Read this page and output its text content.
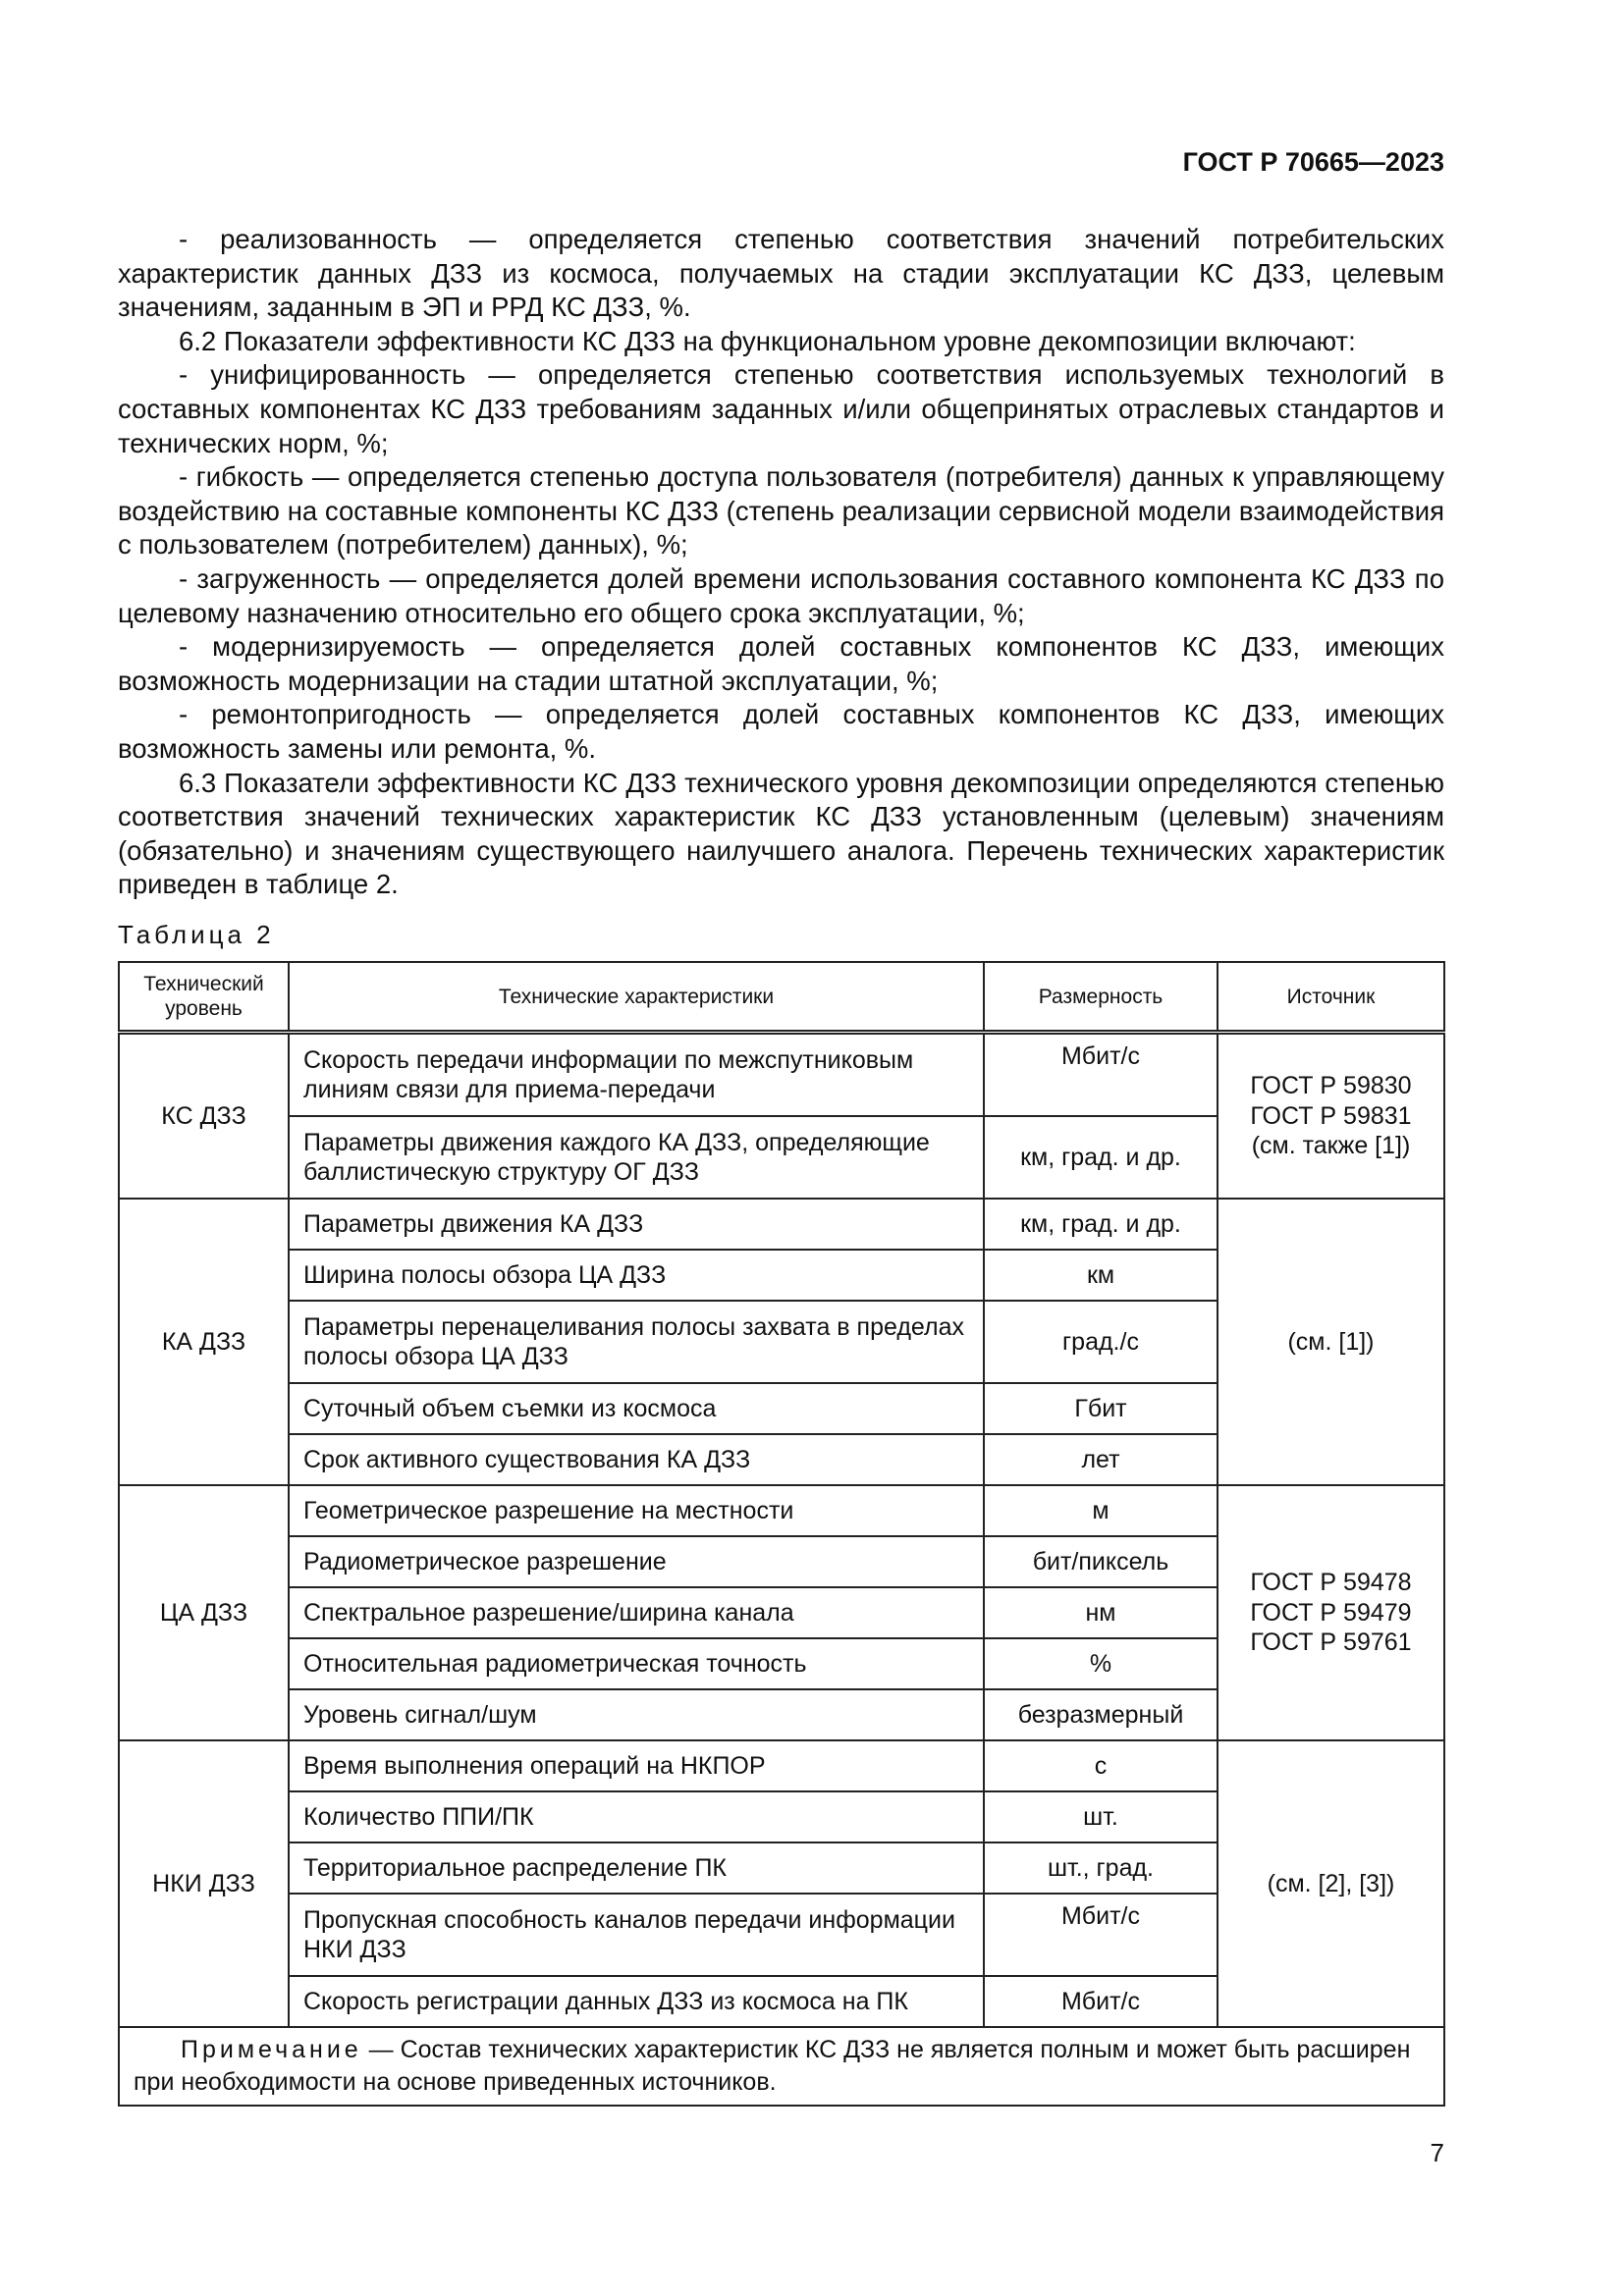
ГОСТ Р 70665—2023

- реализованность — определяется степенью соответствия значений потребительских характеристик данных ДЗЗ из космоса, получаемых на стадии эксплуатации КС ДЗЗ, целевым значениям, заданным в ЭП и РРД КС ДЗЗ, %.

6.2 Показатели эффективности КС ДЗЗ на функциональном уровне декомпозиции включают:

- унифицированность — определяется степенью соответствия используемых технологий в составных компонентах КС ДЗЗ требованиям заданных и/или общепринятых отраслевых стандартов и технических норм, %;

- гибкость — определяется степенью доступа пользователя (потребителя) данных к управляющему воздействию на составные компоненты КС ДЗЗ (степень реализации сервисной модели взаимодействия с пользователем (потребителем) данных), %;

- загруженность — определяется долей времени использования составного компонента КС ДЗЗ по целевому назначению относительно его общего срока эксплуатации, %;

- модернизируемость — определяется долей составных компонентов КС ДЗЗ, имеющих возможность модернизации на стадии штатной эксплуатации, %;

- ремонтопригодность — определяется долей составных компонентов КС ДЗЗ, имеющих возможность замены или ремонта, %.

6.3 Показатели эффективности КС ДЗЗ технического уровня декомпозиции определяются степенью соответствия значений технических характеристик КС ДЗЗ установленным (целевым) значениям (обязательно) и значениям существующего наилучшего аналога. Перечень технических характеристик приведен в таблице 2.

Таблица 2
Технический уровень	Технические характеристики	Размерность	Источник
КС ДЗЗ	Скорость передачи информации по межспутниковым линиям связи для приема-передачи	Мбит/с	ГОСТ Р 59830
ГОСТ Р 59831
(см. также [1])
	Параметры движения каждого КА ДЗЗ, определяющие баллистическую структуру ОГ ДЗЗ	км, град. и др.	
КА ДЗЗ	Параметры движения КА ДЗЗ	км, град. и др.	(см. [1])
	Ширина полосы обзора ЦА ДЗЗ	км	
	Параметры перенацеливания полосы захвата в пределах полосы обзора ЦА ДЗЗ	град./с	
	Суточный объем съемки из космоса	Гбит	
	Срок активного существования КА ДЗЗ	лет	
ЦА ДЗЗ	Геометрическое разрешение на местности	м	ГОСТ Р 59478
ГОСТ Р 59479
ГОСТ Р 59761
	Радиометрическое разрешение	бит/пиксель	
	Спектральное разрешение/ширина канала	нм	
	Относительная радиометрическая точность	%	
	Уровень сигнал/шум	безразмерный	
НКИ ДЗЗ	Время выполнения операций на НКПОР	с	(см. [2], [3])
	Количество ППИ/ПК	шт.	
	Территориальное распределение ПК	шт., град.	
	Пропускная способность каналов передачи информации НКИ ДЗЗ	Мбит/с	
	Скорость регистрации данных ДЗЗ из космоса на ПК	Мбит/с	
Примечание — Состав технических характеристик КС ДЗЗ не является полным и может быть расширен при необходимости на основе приведенных источников.			
7
